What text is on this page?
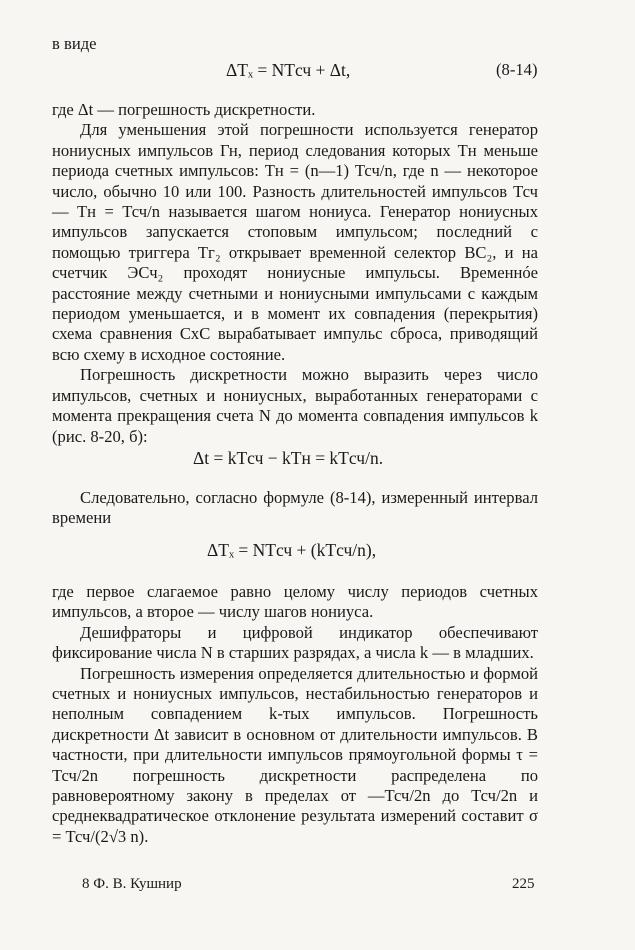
в виде
ΔTₓ = NTсч + Δt,	(8-14)

где Δt — погрешность дискретности.

Для уменьшения этой погрешности используется генератор нониусных импульсов Гн, период следования которых Тн меньше периода счетных импульсов: Тн = (n—1) Тсч/n, где n — некоторое число, обычно 10 или 100. Разность длительностей импульсов Тсч — Тн = Тсч/n называется шагом нониуса. Генератор нониусных импульсов запускается стоповым импульсом; последний с помощью триггера Тг₂ открывает временной селектор ВС₂, и на счетчик ЭСч₂ проходят нониусные импульсы. Временнóе расстояние между счетными и нониусными импульсами с каждым периодом уменьшается, и в момент их совпадения (перекрытия) схема сравнения СхС вырабатывает импульс сброса, приводящий всю схему в исходное состояние.

Погрешность дискретности можно выразить через число импульсов, счетных и нониусных, выработанных генераторами с момента прекращения счета N до момента совпадения импульсов k (рис. 8-20, б):

Δt = kTсч − kTн = kTсч/n.

Следовательно, согласно формуле (8-14), измеренный интервал времени

ΔTₓ = NTсч + (kTсч/n),

где первое слагаемое равно целому числу периодов счетных импульсов, а второе — числу шагов нониуса.

Дешифраторы и цифровой индикатор обеспечивают фиксирование числа N в старших разрядах, а числа k — в младших.

Погрешность измерения определяется длительностью и формой счетных и нониусных импульсов, нестабильностью генераторов и неполным совпадением k-тых импульсов. Погрешность дискретности Δt зависит в основном от длительности импульсов. В частности, при длительности импульсов прямоугольной формы τ = Тсч/2n погрешность дискретности распределена по равновероятному закону в пределах от —Тсч/2n до Тсч/2n и среднеквадратическое отклонение результата измерений составит σ = Тсч/(2√3 n).

8 Ф. В. Кушнир	225
